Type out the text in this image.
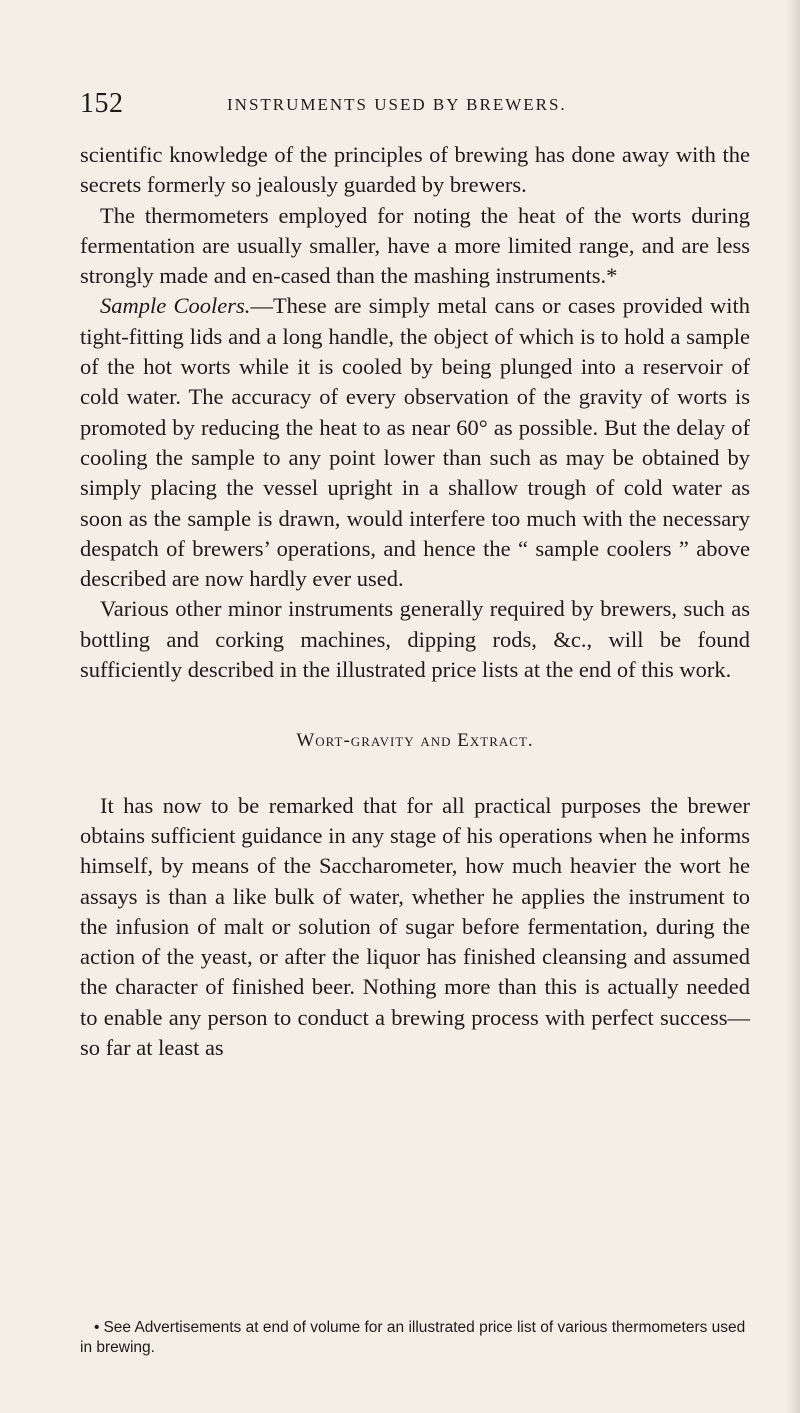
152	INSTRUMENTS USED BY BREWERS.

scientific knowledge of the principles of brewing has done away with the secrets formerly so jealously guarded by brewers.

The thermometers employed for noting the heat of the worts during fermentation are usually smaller, have a more limited range, and are less strongly made and en-cased than the mashing instruments.*

Sample Coolers.—These are simply metal cans or cases provided with tight-fitting lids and a long handle, the object of which is to hold a sample of the hot worts while it is cooled by being plunged into a reservoir of cold water. The accuracy of every observation of the gravity of worts is promoted by reducing the heat to as near 60° as possible. But the delay of cooling the sample to any point lower than such as may be obtained by simply placing the vessel upright in a shallow trough of cold water as soon as the sample is drawn, would interfere too much with the necessary despatch of brewers’ operations, and hence the “ sample coolers ” above described are now hardly ever used.

Various other minor instruments generally required by brewers, such as bottling and corking machines, dipping rods, &c., will be found sufficiently described in the illustrated price lists at the end of this work.

Wort-gravity and Extract.

It has now to be remarked that for all practical purposes the brewer obtains sufficient guidance in any stage of his operations when he informs himself, by means of the Saccharometer, how much heavier the wort he assays is than a like bulk of water, whether he applies the instrument to the infusion of malt or solution of sugar before fermentation, during the action of the yeast, or after the liquor has finished cleansing and assumed the character of finished beer. Nothing more than this is actually needed to enable any person to conduct a brewing process with perfect success—so far at least as

• See Advertisements at end of volume for an illustrated price list of various thermometers used in brewing.
